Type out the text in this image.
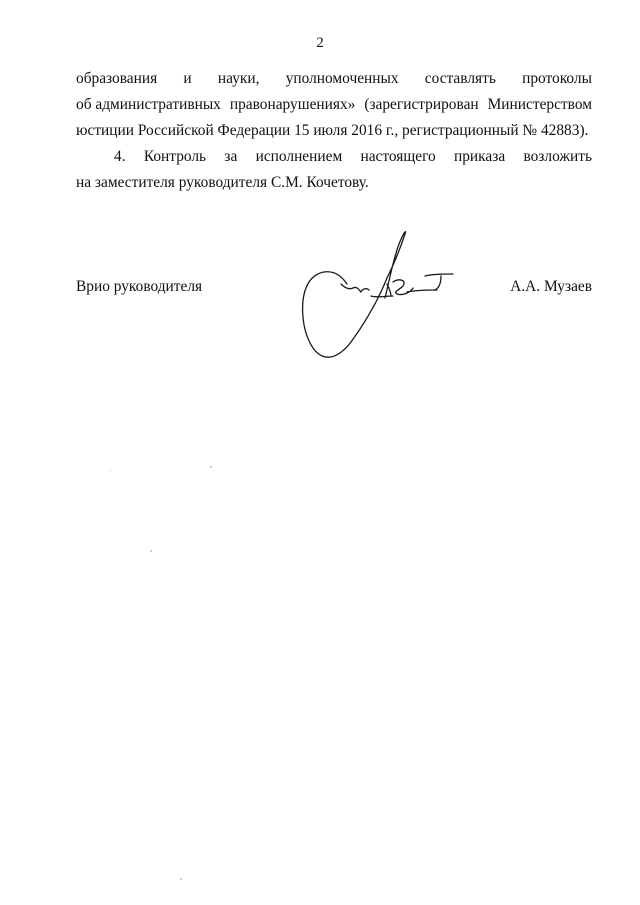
2
образования и науки, уполномоченных составлять протоколы
об административных правонарушениях» (зарегистрирован Министерством
юстиции Российской Федерации 15 июля 2016 г., регистрационный № 42883).
4. Контроль за исполнением настоящего приказа возложить
на заместителя руководителя С.М. Кочетову.
Врио руководителя	А.А. Музаев
